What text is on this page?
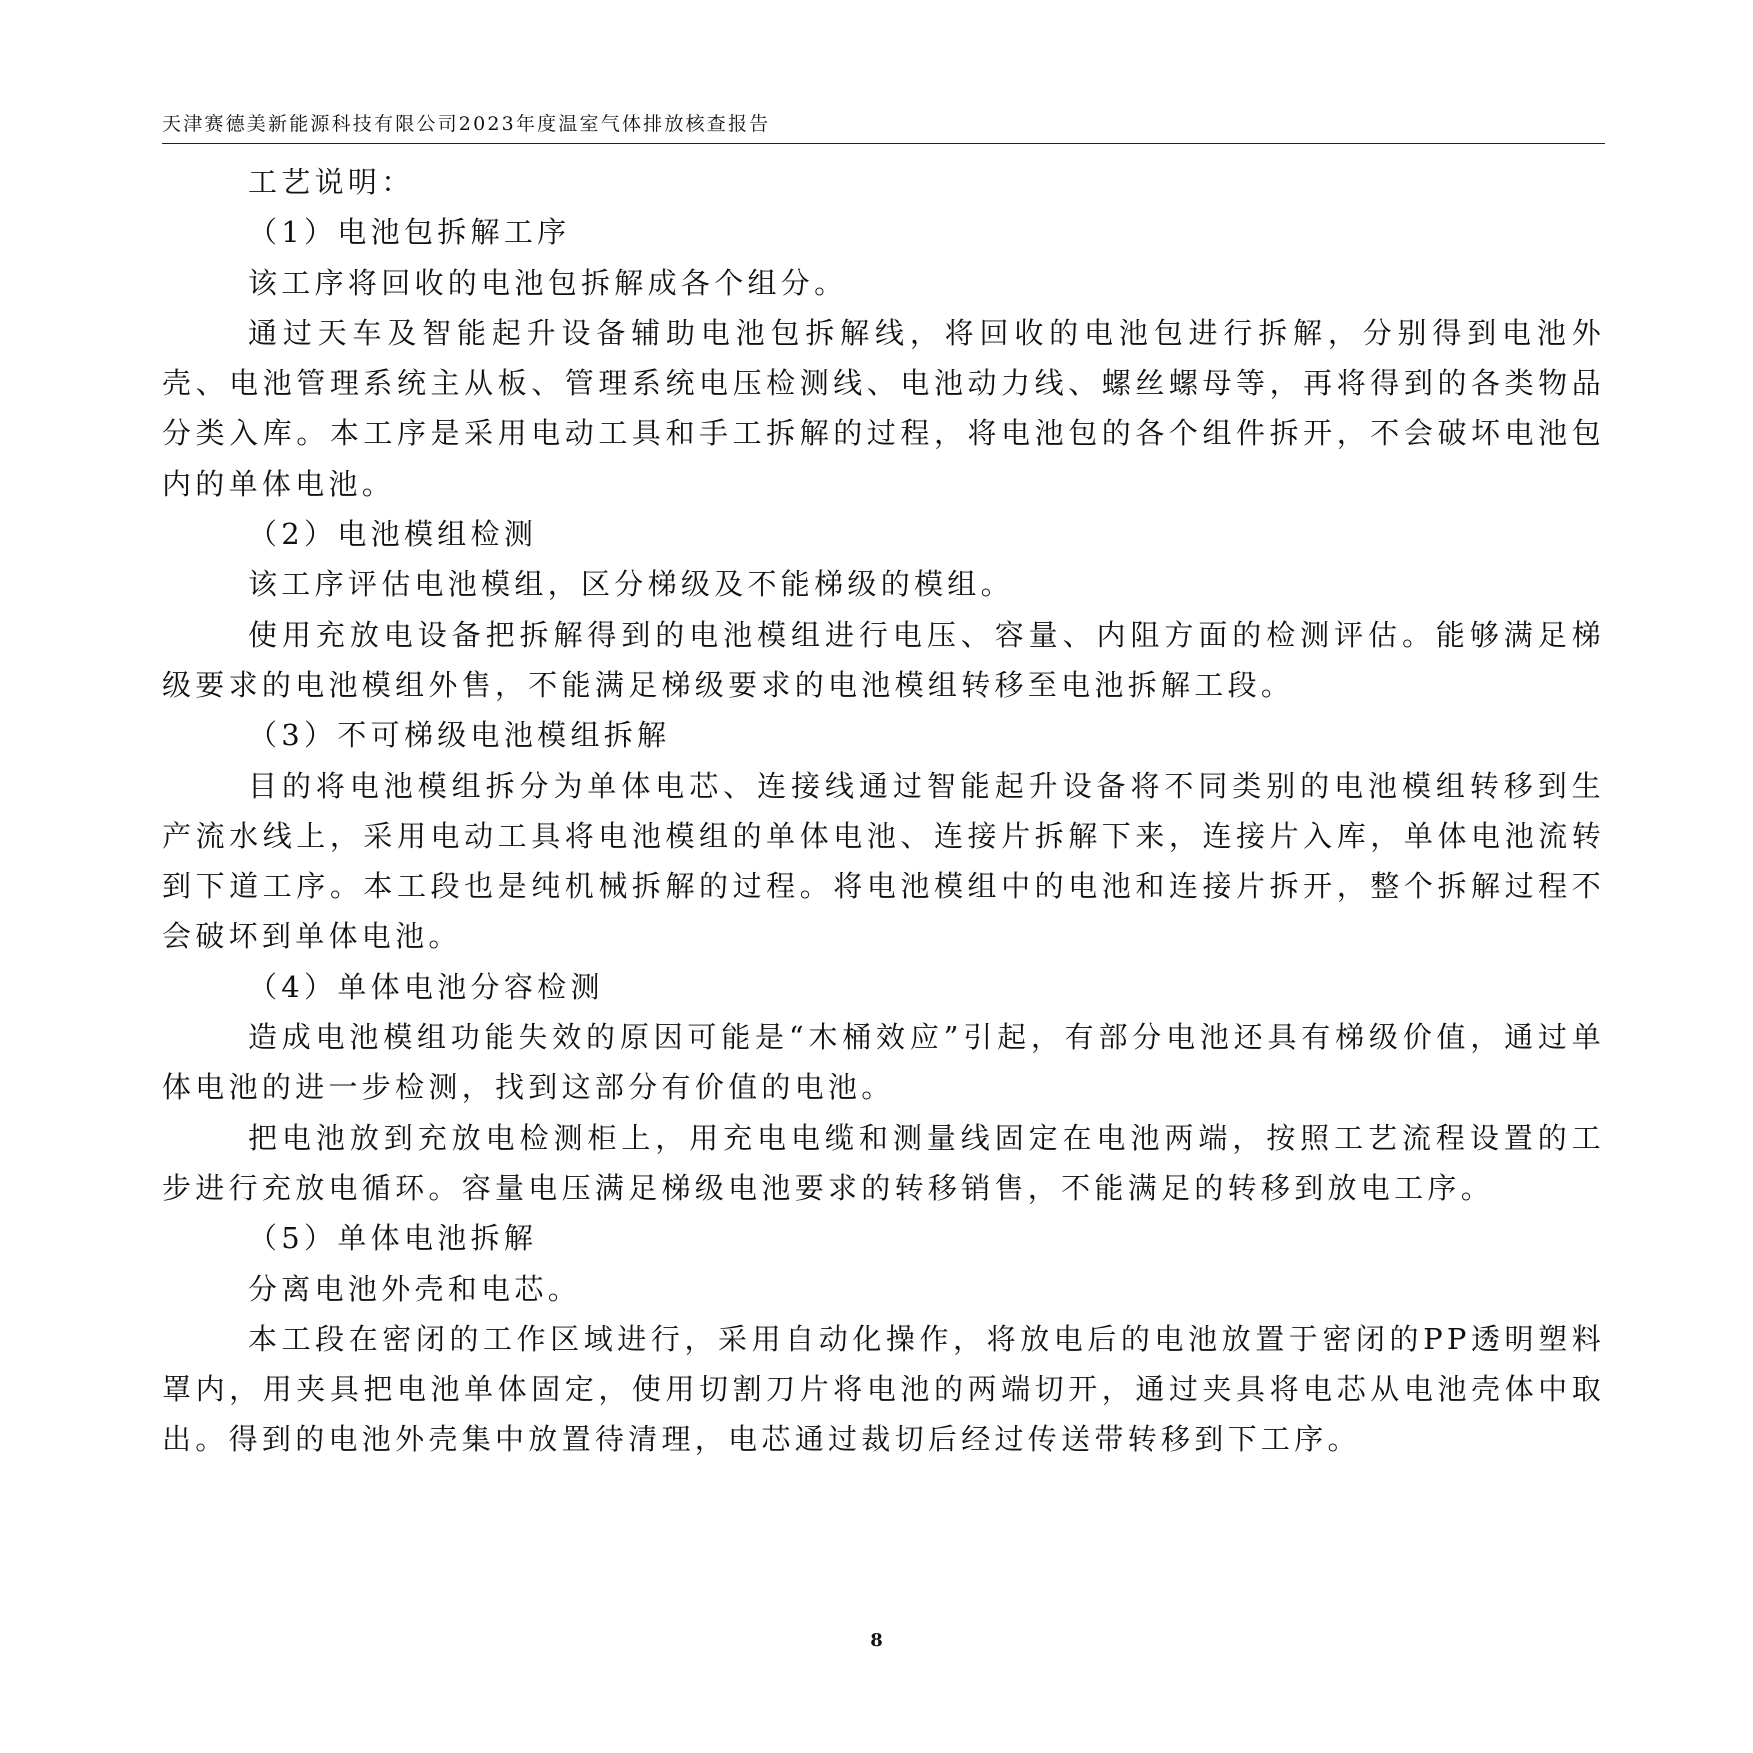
天津赛德美新能源科技有限公司2023年度温室气体排放核查报告

工艺说明：

（1）电池包拆解工序

该工序将回收的电池包拆解成各个组分。

通过天车及智能起升设备辅助电池包拆解线，将回收的电池包进行拆解，分别得到电池外壳、电池管理系统主从板、管理系统电压检测线、电池动力线、螺丝螺母等，再将得到的各类物品分类入库。本工序是采用电动工具和手工拆解的过程，将电池包的各个组件拆开，不会破坏电池包内的单体电池。

（2）电池模组检测

该工序评估电池模组，区分梯级及不能梯级的模组。

使用充放电设备把拆解得到的电池模组进行电压、容量、内阻方面的检测评估。能够满足梯级要求的电池模组外售，不能满足梯级要求的电池模组转移至电池拆解工段。

（3）不可梯级电池模组拆解

目的将电池模组拆分为单体电芯、连接线通过智能起升设备将不同类别的电池模组转移到生产流水线上，采用电动工具将电池模组的单体电池、连接片拆解下来，连接片入库，单体电池流转到下道工序。本工段也是纯机械拆解的过程。将电池模组中的电池和连接片拆开，整个拆解过程不会破坏到单体电池。

（4）单体电池分容检测

造成电池模组功能失效的原因可能是“木桶效应”引起，有部分电池还具有梯级价值，通过单体电池的进一步检测，找到这部分有价值的电池。

把电池放到充放电检测柜上，用充电电缆和测量线固定在电池两端，按照工艺流程设置的工步进行充放电循环。容量电压满足梯级电池要求的转移销售，不能满足的转移到放电工序。

（5）单体电池拆解

分离电池外壳和电芯。

本工段在密闭的工作区域进行，采用自动化操作，将放电后的电池放置于密闭的PP透明塑料罩内，用夹具把电池单体固定，使用切割刀片将电池的两端切开，通过夹具将电芯从电池壳体中取出。得到的电池外壳集中放置待清理，电芯通过裁切后经过传送带转移到下工序。

8
